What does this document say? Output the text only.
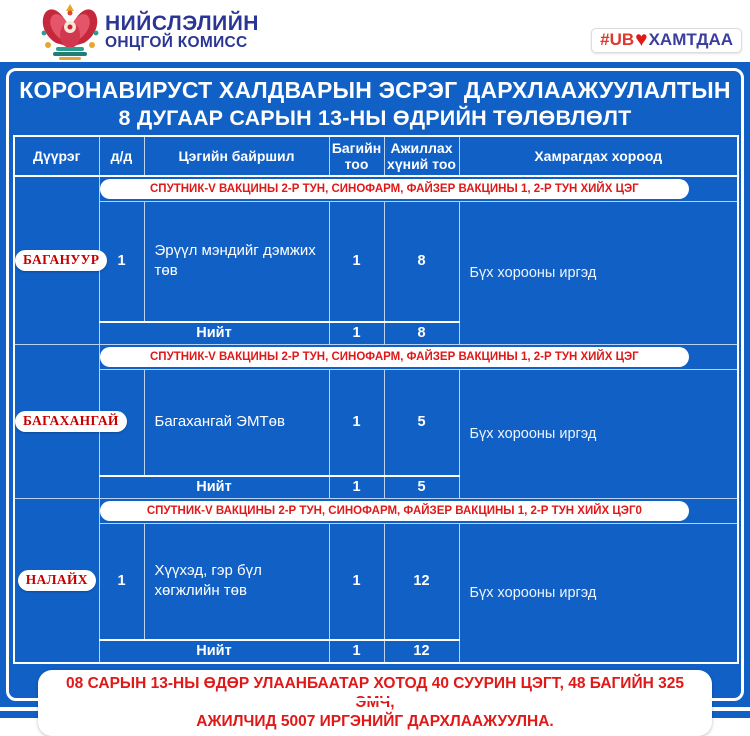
НИЙСЛЭЛИЙН
ОНЦГОЙ КОМИСС	#UB ♥ ХАМТДАА
КОРОНАВИРУСТ ХАЛДВАРЫН ЭСРЭГ ДАРХЛААЖУУЛАЛТЫН
8 ДУГААР САРЫН 13-НЫ ӨДРИЙН ТӨЛӨВЛӨЛТ
Дүүрэг	д/д	Цэгийн байршил	Багийн тоо	Ажиллах хүний тоо	Хамрагдах хороод
БАГАНУУР	СПУТНИК-V ВАКЦИНЫ 2-Р ТУН, СИНОФАРМ, ФАЙЗЕР ВАКЦИНЫ 1, 2-Р ТУН ХИЙХ ЦЭГ				

	1	Эрүүл мэндийг дэмжих төв	1	8	Бүх хорооны иргэд
	Нийт		1	8	
БАГАХАНГАЙ	СПУТНИК-V ВАКЦИНЫ 2-Р ТУН, СИНОФАРМ, ФАЙЗЕР ВАКЦИНЫ 1, 2-Р ТУН ХИЙХ ЦЭГ				

	1	Багахангай ЭМТөв	1	5	Бүх хорооны иргэд
	Нийт		1	5	
НАЛАЙХ	СПУТНИК-V ВАКЦИНЫ 2-Р ТУН, СИНОФАРМ, ФАЙЗЕР ВАКЦИНЫ 1, 2-Р ТУН ХИЙХ ЦЭГ0				

	1	Хүүхэд, гэр бүл хөгжлийн төв	1	12	Бүх хорооны иргэд
	Нийт		1	12	
08 САРЫН 13-НЫ ӨДӨР УЛААНБААТАР ХОТОД 40 СУУРИН ЦЭГТ, 48 БАГИЙН 325 ЭМЧ,
АЖИЛЧИД 5007 ИРГЭНИЙГ ДАРХЛААЖУУЛНА.
